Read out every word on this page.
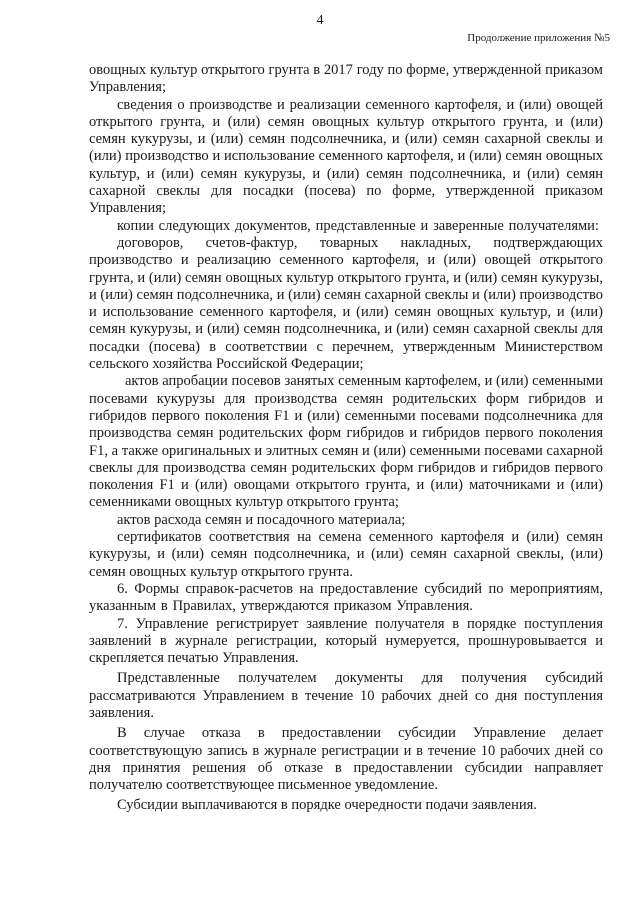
4
Продолжение приложения №5

овощных культур открытого грунта в 2017 году по форме, утвержденной приказом Управления;

сведения о производстве и реализации семенного картофеля, и (или) овощей открытого грунта, и (или) семян овощных культур открытого грунта, и (или) семян кукурузы, и (или) семян подсолнечника, и (или) семян сахарной свеклы и (или) производство и использование семенного картофеля, и (или) семян овощных культур, и (или) семян кукурузы, и (или) семян подсолнечника, и (или) семян сахарной свеклы для посадки (посева) по форме, утвержденной приказом Управления;

копии следующих документов, представленные и заверенные получателями:

договоров, счетов-фактур, товарных накладных, подтверждающих производство и реализацию семенного картофеля, и (или) овощей открытого грунта, и (или) семян овощных культур открытого грунта, и (или) семян кукурузы, и (или) семян подсолнечника, и (или) семян сахарной свеклы и (или) производство и использование семенного картофеля, и (или) семян овощных культур, и (или) семян кукурузы, и (или) семян подсолнечника, и (или) семян сахарной свеклы для посадки (посева) в соответствии с перечнем, утвержденным Министерством сельского хозяйства Российской Федерации;

актов апробации посевов занятых семенным картофелем, и (или) семенными посевами кукурузы для производства семян родительских форм гибридов и гибридов первого поколения F1 и (или) семенными посевами подсолнечника для производства семян родительских форм гибридов и гибридов первого поколения F1, а также оригинальных и элитных семян и (или) семенными посевами сахарной свеклы для производства семян родительских форм гибридов и гибридов первого поколения F1 и (или) овощами открытого грунта, и (или) маточниками и (или) семенниками овощных культур открытого грунта;

актов расхода семян и посадочного материала;

сертификатов соответствия на семена семенного картофеля и (или) семян кукурузы, и (или) семян подсолнечника, и (или) семян сахарной свеклы, (или) семян овощных культур открытого грунта.

6. Формы справок-расчетов на предоставление субсидий по мероприятиям, указанным в Правилах, утверждаются приказом Управления.

7. Управление регистрирует заявление получателя в порядке поступления заявлений в журнале регистрации, который нумеруется, прошнуровывается и скрепляется печатью Управления.

Представленные получателем документы для получения субсидий рассматриваются Управлением в течение 10 рабочих дней со дня поступления заявления.

В случае отказа в предоставлении субсидии Управление делает соответствующую запись в журнале регистрации и в течение 10 рабочих дней со дня принятия решения об отказе в предоставлении субсидии направляет получателю соответствующее письменное уведомление.

Субсидии выплачиваются в порядке очередности подачи заявления.
